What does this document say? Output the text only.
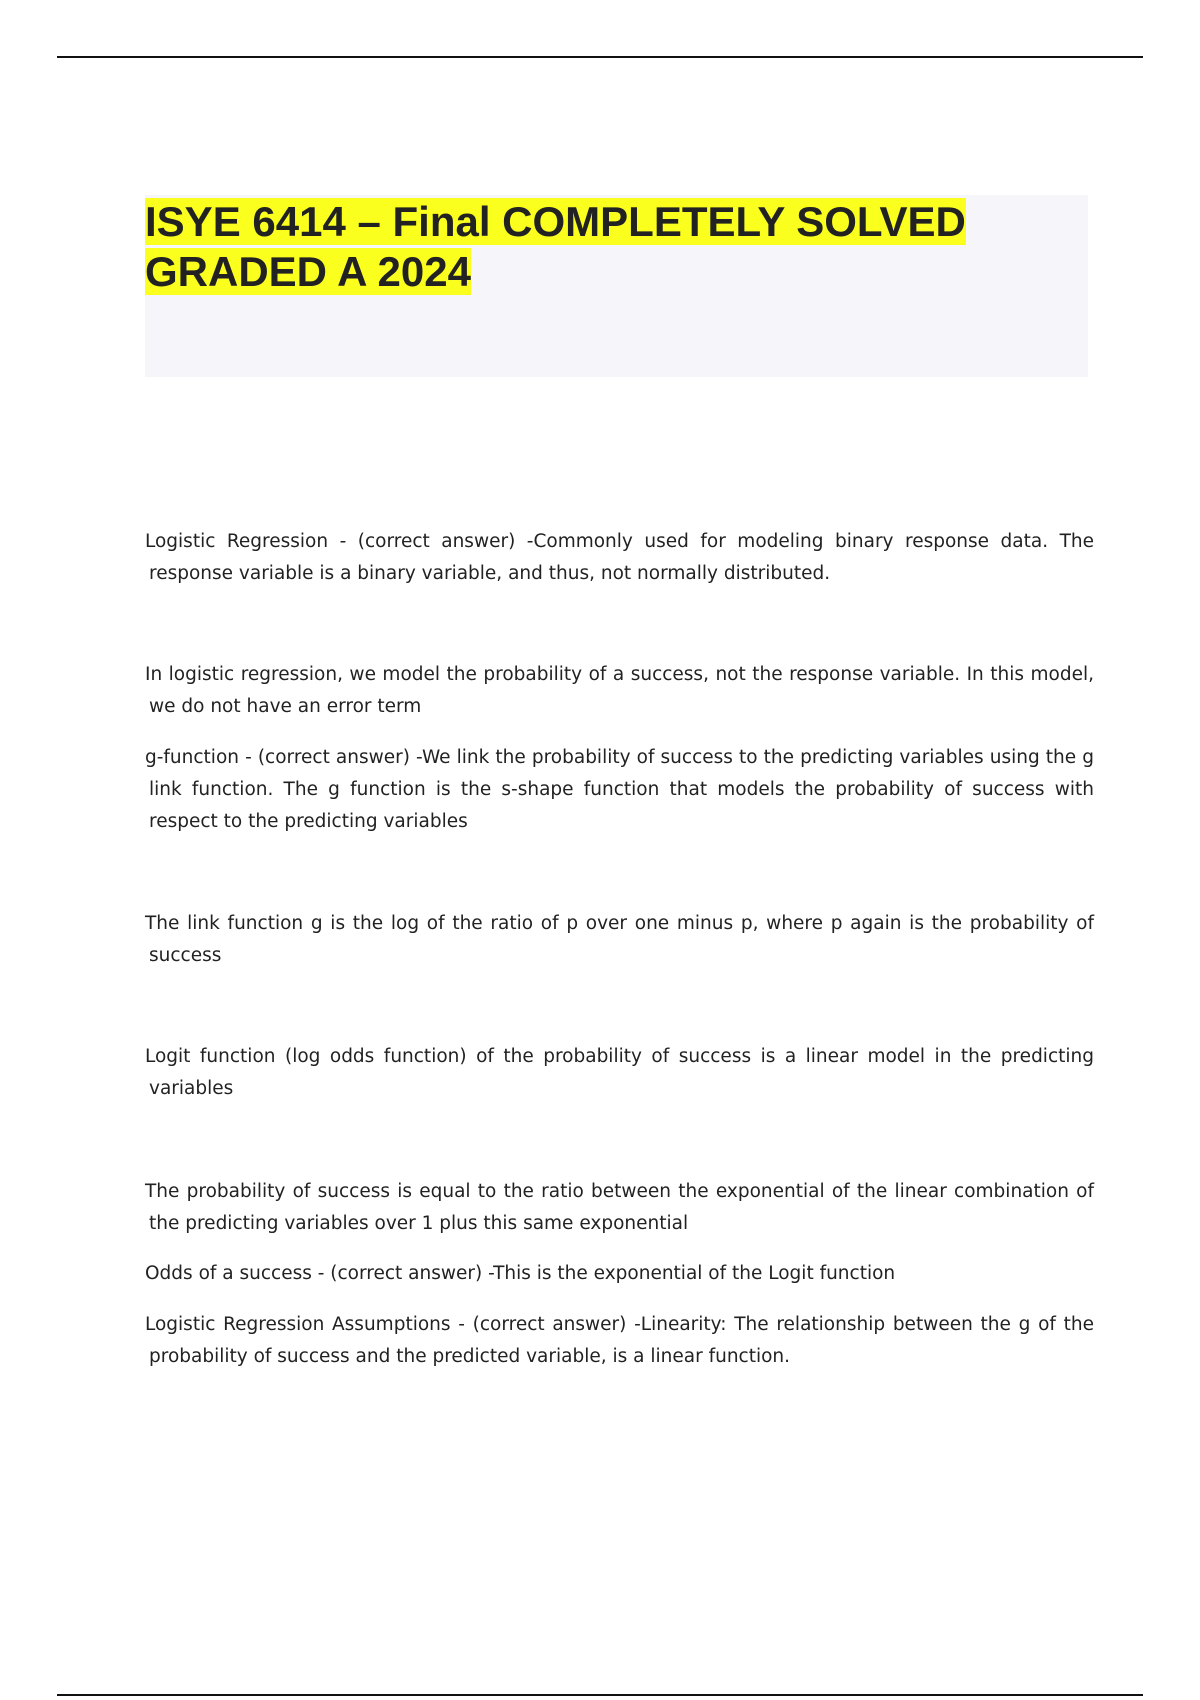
ISYE 6414 – Final COMPLETELY SOLVED GRADED A 2024

Logistic Regression - (correct answer) -Commonly used for modeling binary response data. The response variable is a binary variable, and thus, not normally distributed.

In logistic regression, we model the probability of a success, not the response variable. In this model, we do not have an error term

g-function - (correct answer) -We link the probability of success to the predicting variables using the g link function. The g function is the s-shape function that models the probability of success with respect to the predicting variables

The link function g is the log of the ratio of p over one minus p, where p again is the probability of success

Logit function (log odds function) of the probability of success is a linear model in the predicting variables

The probability of success is equal to the ratio between the exponential of the linear combination of the predicting variables over 1 plus this same exponential

Odds of a success - (correct answer) -This is the exponential of the Logit function

Logistic Regression Assumptions - (correct answer) -Linearity: The relationship between the g of the probability of success and the predicted variable, is a linear function.
